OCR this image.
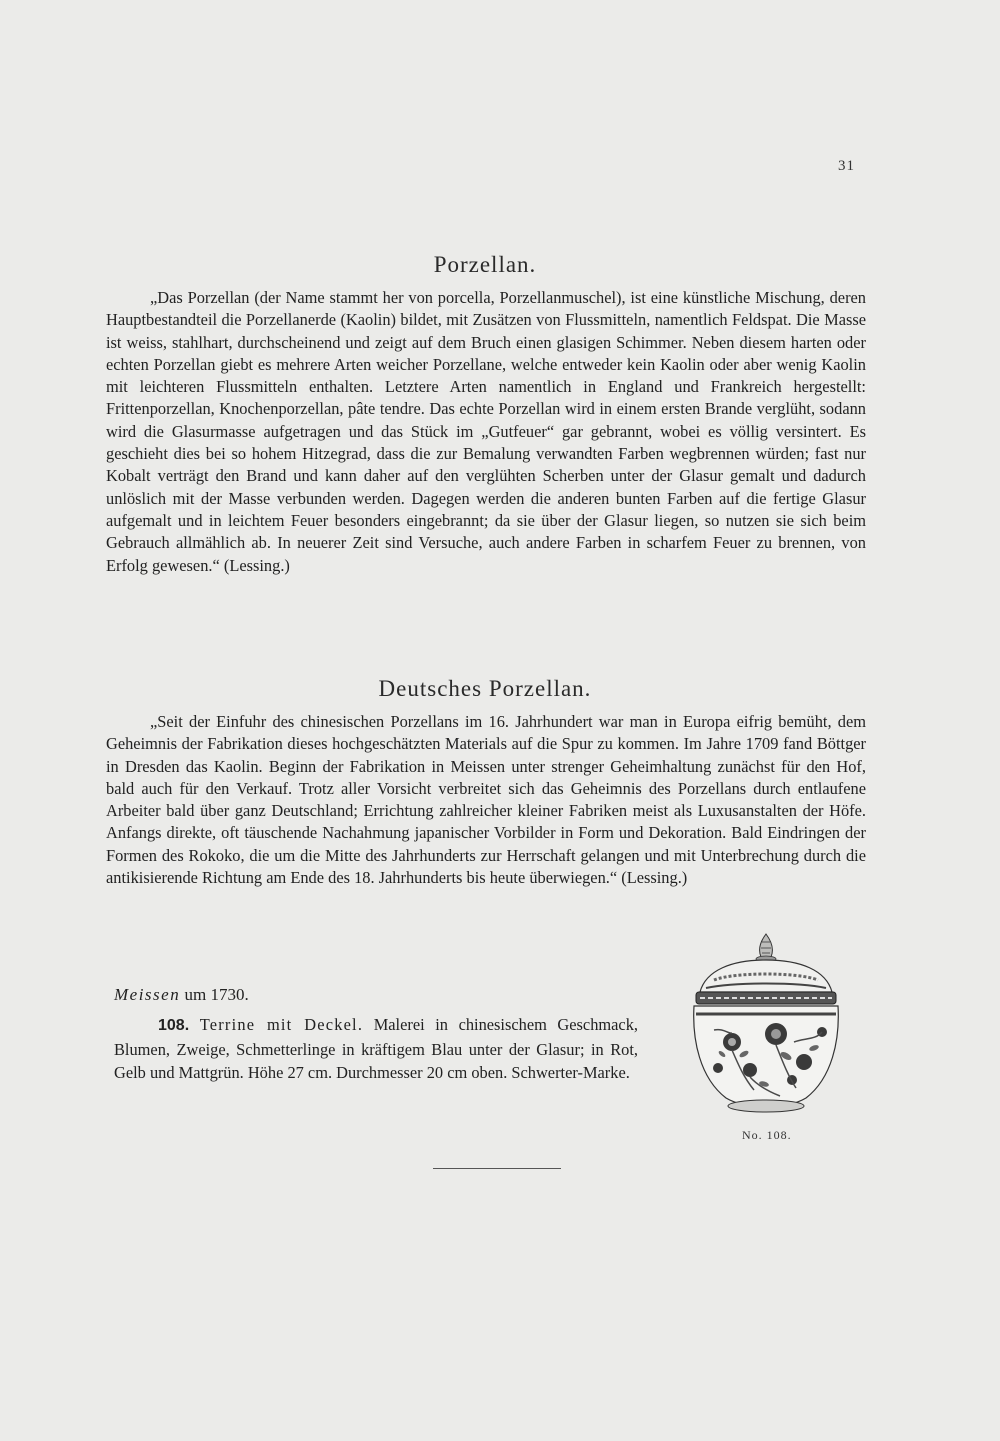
31
Porzellan.

„Das Porzellan (der Name stammt her von porcella, Porzellanmuschel), ist eine künstliche Mischung, deren Hauptbestandteil die Porzellanerde (Kaolin) bildet, mit Zusätzen von Flussmitteln, namentlich Feldspat. Die Masse ist weiss, stahlhart, durchscheinend und zeigt auf dem Bruch einen glasigen Schimmer. Neben diesem harten oder echten Porzellan giebt es mehrere Arten weicher Porzellane, welche entweder kein Kaolin oder aber wenig Kaolin mit leichteren Flussmitteln enthalten. Letztere Arten namentlich in England und Frankreich hergestellt: Frittenporzellan, Knochenporzellan, pâte tendre. Das echte Porzellan wird in einem ersten Brande verglüht, sodann wird die Glasurmasse aufgetragen und das Stück im „Gutfeuer“ gar gebrannt, wobei es völlig versintert. Es geschieht dies bei so hohem Hitzegrad, dass die zur Bemalung verwandten Farben wegbrennen würden; fast nur Kobalt verträgt den Brand und kann daher auf den verglühten Scherben unter der Glasur gemalt und dadurch unlöslich mit der Masse verbunden werden. Dagegen werden die anderen bunten Farben auf die fertige Glasur aufgemalt und in leichtem Feuer besonders eingebrannt; da sie über der Glasur liegen, so nutzen sie sich beim Gebrauch allmählich ab. In neuerer Zeit sind Versuche, auch andere Farben in scharfem Feuer zu brennen, von Erfolg gewesen.“ (Lessing.)

Deutsches Porzellan.

„Seit der Einfuhr des chinesischen Porzellans im 16. Jahrhundert war man in Europa eifrig bemüht, dem Geheimnis der Fabrikation dieses hochgeschätzten Materials auf die Spur zu kommen. Im Jahre 1709 fand Böttger in Dresden das Kaolin. Beginn der Fabrikation in Meissen unter strenger Geheimhaltung zunächst für den Hof, bald auch für den Verkauf. Trotz aller Vorsicht verbreitet sich das Geheimnis des Porzellans durch entlaufene Arbeiter bald über ganz Deutschland; Errichtung zahlreicher kleiner Fabriken meist als Luxusanstalten der Höfe. Anfangs direkte, oft täuschende Nachahmung japanischer Vorbilder in Form und Dekoration. Bald Eindringen der Formen des Rokoko, die um die Mitte des Jahrhunderts zur Herrschaft gelangen und mit Unterbrechung durch die antikisierende Richtung am Ende des 18. Jahrhunderts bis heute überwiegen.“ (Lessing.)

Meissen um 1730.

108. Terrine mit Deckel. Malerei in chinesischem Geschmack, Blumen, Zweige, Schmetterlinge in kräftigem Blau unter der Glasur; in Rot, Gelb und Mattgrün. Höhe 27 cm. Durchmesser 20 cm oben. Schwerter-Marke.

No. 108.
